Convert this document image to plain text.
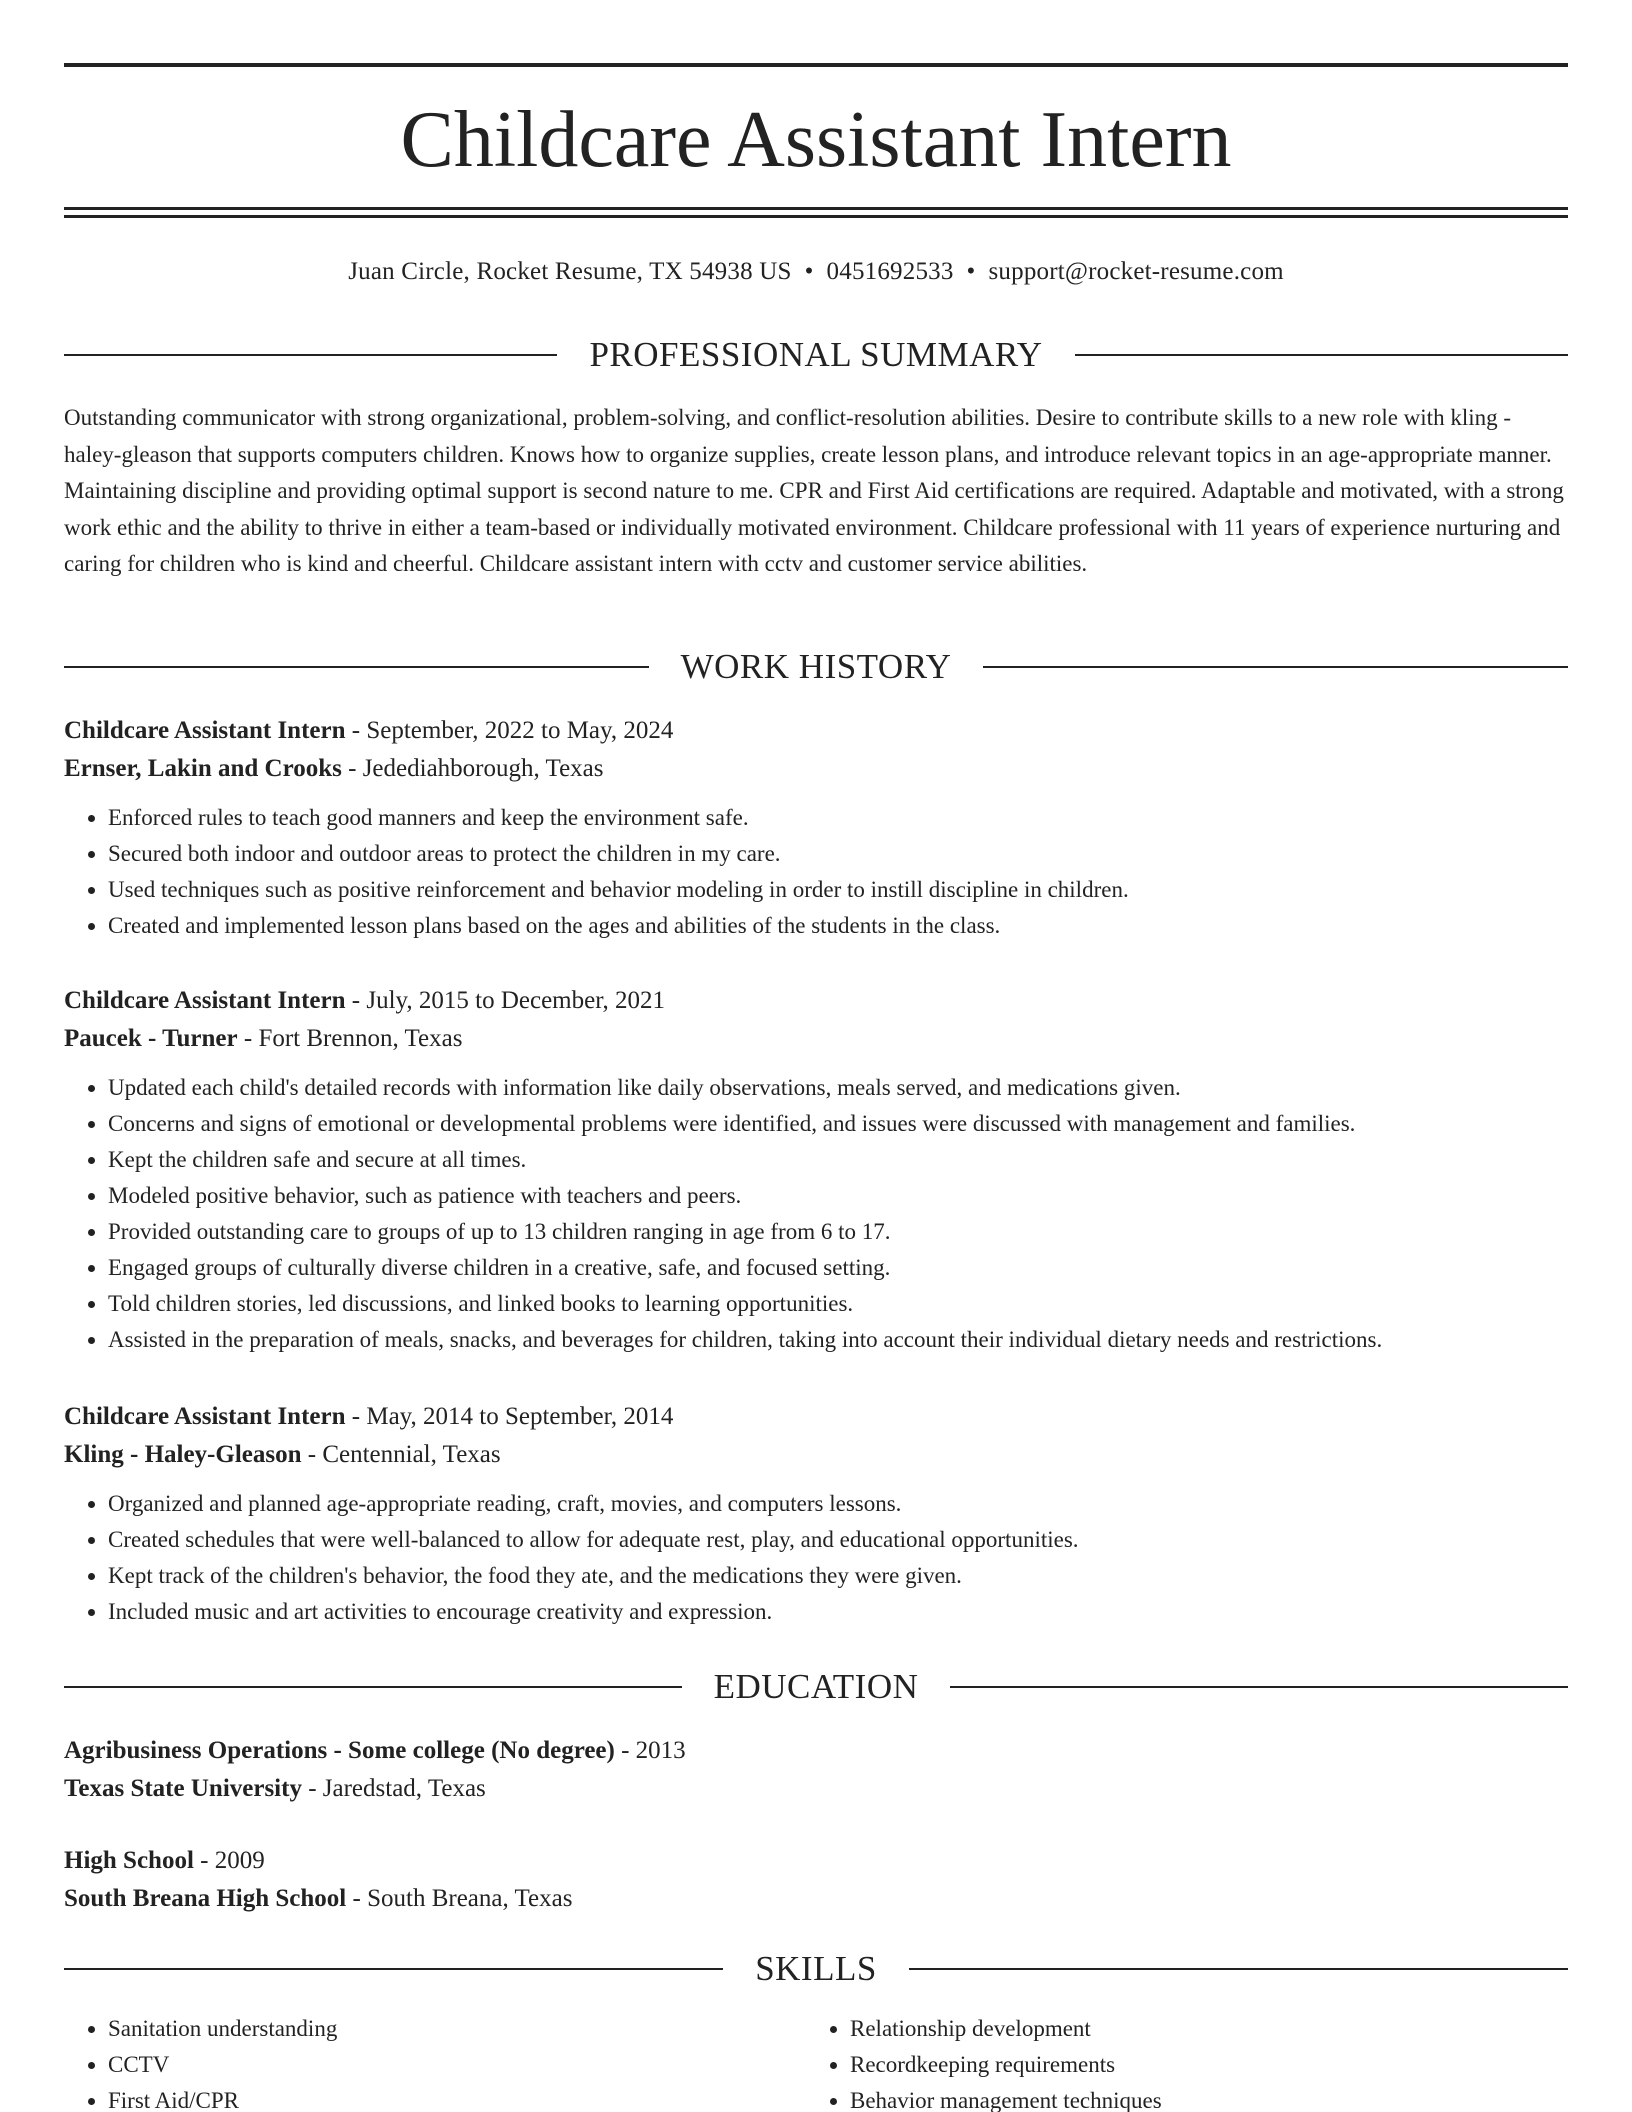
Childcare Assistant Intern
Juan Circle, Rocket Resume, TX 54938 US • 0451692533 • support@rocket-resume.com
PROFESSIONAL SUMMARY

Outstanding communicator with strong organizational, problem-solving, and conflict-resolution abilities. Desire to contribute skills to a new role with kling - haley-gleason that supports computers children. Knows how to organize supplies, create lesson plans, and introduce relevant topics in an age-appropriate manner. Maintaining discipline and providing optimal support is second nature to me. CPR and First Aid certifications are required. Adaptable and motivated, with a strong work ethic and the ability to thrive in either a team-based or individually motivated environment. Childcare professional with 11 years of experience nurturing and caring for children who is kind and cheerful. Childcare assistant intern with cctv and customer service abilities.

WORK HISTORY
Childcare Assistant Intern - September, 2022 to May, 2024
Ernser, Lakin and Crooks - Jedediahborough, Texas
• Enforced rules to teach good manners and keep the environment safe.
• Secured both indoor and outdoor areas to protect the children in my care.
• Used techniques such as positive reinforcement and behavior modeling in order to instill discipline in children.
• Created and implemented lesson plans based on the ages and abilities of the students in the class.
Childcare Assistant Intern - July, 2015 to December, 2021
Paucek - Turner - Fort Brennon, Texas
• Updated each child's detailed records with information like daily observations, meals served, and medications given.
• Concerns and signs of emotional or developmental problems were identified, and issues were discussed with management and families.
• Kept the children safe and secure at all times.
• Modeled positive behavior, such as patience with teachers and peers.
• Provided outstanding care to groups of up to 13 children ranging in age from 6 to 17.
• Engaged groups of culturally diverse children in a creative, safe, and focused setting.
• Told children stories, led discussions, and linked books to learning opportunities.
• Assisted in the preparation of meals, snacks, and beverages for children, taking into account their individual dietary needs and restrictions.
Childcare Assistant Intern - May, 2014 to September, 2014
Kling - Haley-Gleason - Centennial, Texas
• Organized and planned age-appropriate reading, craft, movies, and computers lessons.
• Created schedules that were well-balanced to allow for adequate rest, play, and educational opportunities.
• Kept track of the children's behavior, the food they ate, and the medications they were given.
• Included music and art activities to encourage creativity and expression.
EDUCATION
Agribusiness Operations - Some college (No degree) - 2013
Texas State University - Jaredstad, Texas
High School - 2009
South Breana High School - South Breana, Texas
SKILLS
• Sanitation understanding
• CCTV
• First Aid/CPR
• Relationship development
• Recordkeeping requirements
• Behavior management techniques
